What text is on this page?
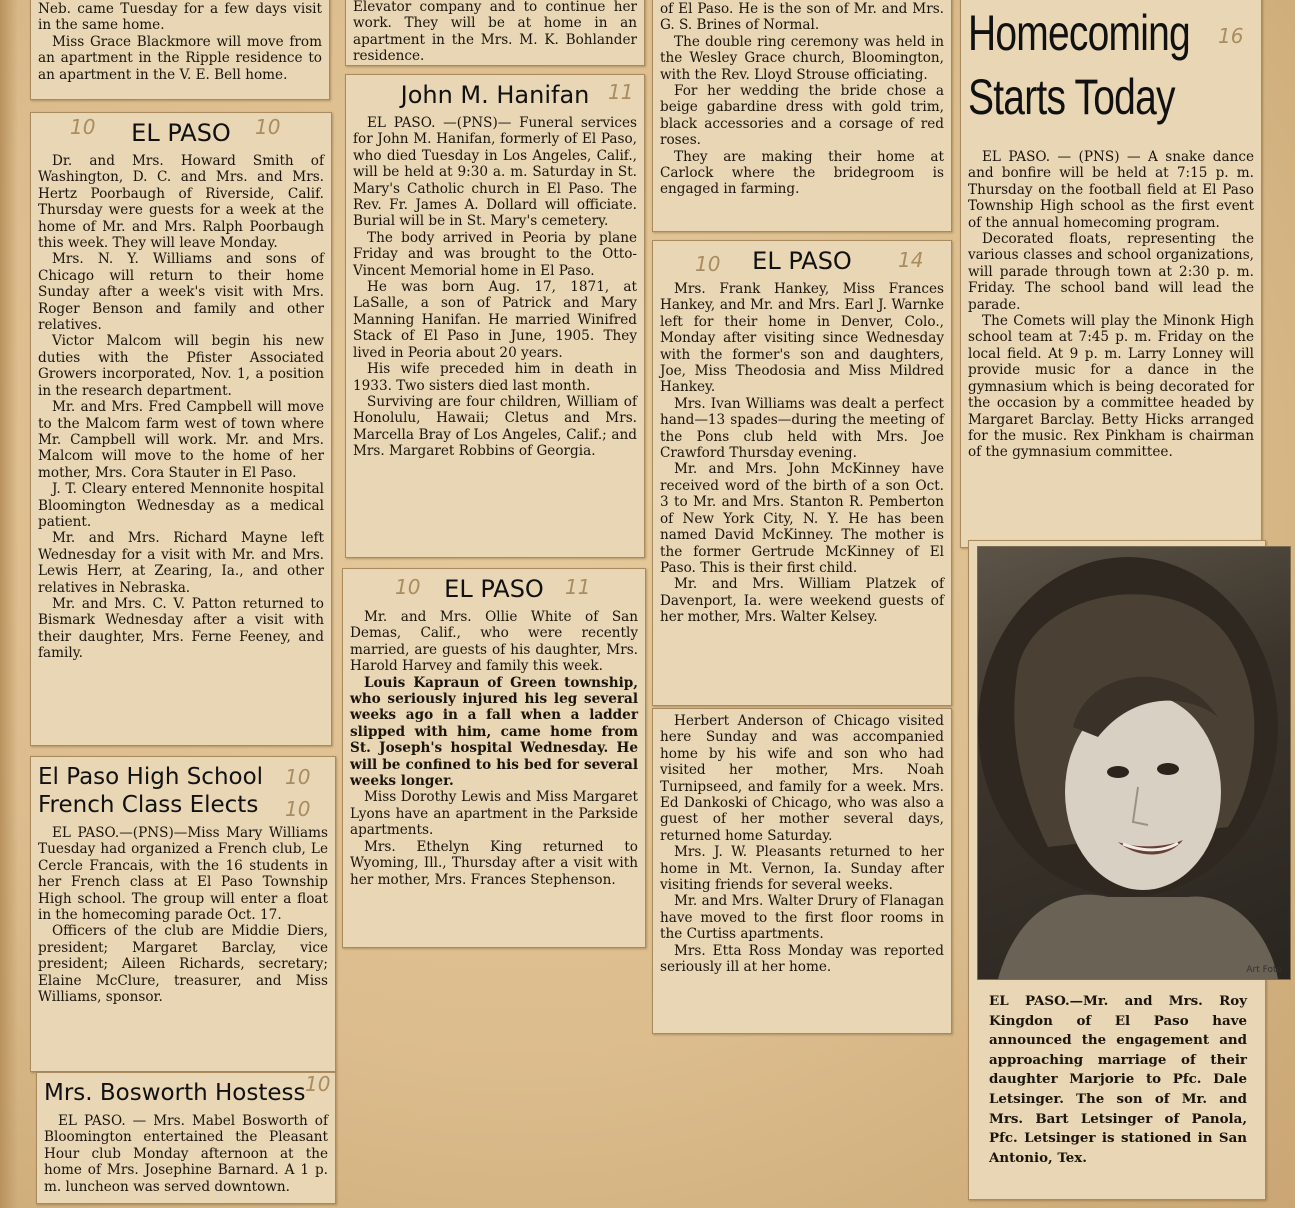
Neb. came Tuesday for a few days visit in the same home.

Miss Grace Blackmore will move from an apartment in the Ripple residence to an apartment in the V. E. Bell home.

EL PASO

Dr. and Mrs. Howard Smith of Washington, D. C. and Mrs. and Mrs. Hertz Poorbaugh of Riverside, Calif. Thursday were guests for a week at the home of Mr. and Mrs. Ralph Poorbaugh this week. They will leave Monday.

Mrs. N. Y. Williams and sons of Chicago will return to their home Sunday after a week's visit with Mrs. Roger Benson and family and other relatives.

Victor Malcom will begin his new duties with the Pfister Associated Growers incorporated, Nov. 1, a position in the research department.

Mr. and Mrs. Fred Campbell will move to the Malcom farm west of town where Mr. Campbell will work. Mr. and Mrs. Malcom will move to the home of her mother, Mrs. Cora Stauter in El Paso.

J. T. Cleary entered Mennonite hospital Bloomington Wednesday as a medical patient.

Mr. and Mrs. Richard Mayne left Wednesday for a visit with Mr. and Mrs. Lewis Herr, at Zearing, Ia., and other relatives in Nebraska.

Mr. and Mrs. C. V. Patton returned to Bismark Wednesday after a visit with their daughter, Mrs. Ferne Feeney, and family.

El Paso High School French Class Elects

EL PASO.—(PNS)—Miss Mary Williams Tuesday had organized a French club, Le Cercle Francais, with the 16 students in her French class at El Paso Township High school. The group will enter a float in the homecoming parade Oct. 17.

Officers of the club are Middie Diers, president; Margaret Barclay, vice president; Aileen Richards, secretary; Elaine McClure, treasurer, and Miss Williams, sponsor.

Mrs. Bosworth Hostess

EL PASO. — Mrs. Mabel Bosworth of Bloomington entertained the Pleasant Hour club Monday afternoon at the home of Mrs. Josephine Barnard. A 1 p. m. luncheon was served downtown.

Elevator company and to continue her work. They will be at home in an apartment in the Mrs. M. K. Bohlander residence.

John M. Hanifan

EL PASO. —(PNS)— Funeral services for John M. Hanifan, formerly of El Paso, who died Tuesday in Los Angeles, Calif., will be held at 9:30 a. m. Saturday in St. Mary's Catholic church in El Paso. The Rev. Fr. James A. Dollard will officiate. Burial will be in St. Mary's cemetery.

The body arrived in Peoria by plane Friday and was brought to the Otto-Vincent Memorial home in El Paso.

He was born Aug. 17, 1871, at LaSalle, a son of Patrick and Mary Manning Hanifan. He married Winifred Stack of El Paso in June, 1905. They lived in Peoria about 20 years.

His wife preceded him in death in 1933. Two sisters died last month.

Surviving are four children, William of Honolulu, Hawaii; Cletus and Mrs. Marcella Bray of Los Angeles, Calif.; and Mrs. Margaret Robbins of Georgia.

EL PASO

Mr. and Mrs. Ollie White of San Demas, Calif., who were recently married, are guests of his daughter, Mrs. Harold Harvey and family this week.

Louis Kapraun of Green township, who seriously injured his leg several weeks ago in a fall when a ladder slipped with him, came home from St. Joseph's hospital Wednesday. He will be confined to his bed for several weeks longer.

Miss Dorothy Lewis and Miss Margaret Lyons have an apartment in the Parkside apartments.

Mrs. Ethelyn King returned to Wyoming, Ill., Thursday after a visit with her mother, Mrs. Frances Stephenson.

of El Paso. He is the son of Mr. and Mrs. G. S. Brines of Normal.

The double ring ceremony was held in the Wesley Grace church, Bloomington, with the Rev. Lloyd Strouse officiating.

For her wedding the bride chose a beige gabardine dress with gold trim, black accessories and a corsage of red roses.

They are making their home at Carlock where the bridegroom is engaged in farming.

EL PASO

Mrs. Frank Hankey, Miss Frances Hankey, and Mr. and Mrs. Earl J. Warnke left for their home in Denver, Colo., Monday after visiting since Wednesday with the former's son and daughters, Joe, Miss Theodosia and Miss Mildred Hankey.

Mrs. Ivan Williams was dealt a perfect hand—13 spades—during the meeting of the Pons club held with Mrs. Joe Crawford Thursday evening.

Mr. and Mrs. John McKinney have received word of the birth of a son Oct. 3 to Mr. and Mrs. Stanton R. Pemberton of New York City, N. Y. He has been named David McKinney. The mother is the former Gertrude McKinney of El Paso. This is their first child.

Mr. and Mrs. William Platzek of Davenport, Ia. were weekend guests of her mother, Mrs. Walter Kelsey.

Herbert Anderson of Chicago visited here Sunday and was accompanied home by his wife and son who had visited her mother, Mrs. Noah Turnipseed, and family for a week. Mrs. Ed Dankoski of Chicago, who was also a guest of her mother several days, returned home Saturday.

Mrs. J. W. Pleasants returned to her home in Mt. Vernon, Ia. Sunday after visiting friends for several weeks.

Mr. and Mrs. Walter Drury of Flanagan have moved to the first floor rooms in the Curtiss apartments.

Mrs. Etta Ross Monday was reported seriously ill at her home.

Homecoming
Starts Today

EL PASO. — (PNS) — A snake dance and bonfire will be held at 7:15 p. m. Thursday on the football field at El Paso Township High school as the first event of the annual homecoming program.

Decorated floats, representing the various classes and school organizations, will parade through town at 2:30 p. m. Friday. The school band will lead the parade.

The Comets will play the Minonk High school team at 7:45 p. m. Friday on the local field. At 9 p. m. Larry Lonney will provide music for a dance in the gymnasium which is being decorated for the occasion by a committee headed by Margaret Barclay. Betty Hicks arranged for the music. Rex Pinkham is chairman of the gymnasium committee.

Art Foto

EL PASO.—Mr. and Mrs. Roy Kingdon of El Paso have announced the engagement and approaching marriage of their daughter Marjorie to Pfc. Dale Letsinger. The son of Mr. and Mrs. Bart Letsinger of Panola, Pfc. Letsinger is stationed in San Antonio, Tex.

10	10
11
10	11
10	14
16
10
10
10
